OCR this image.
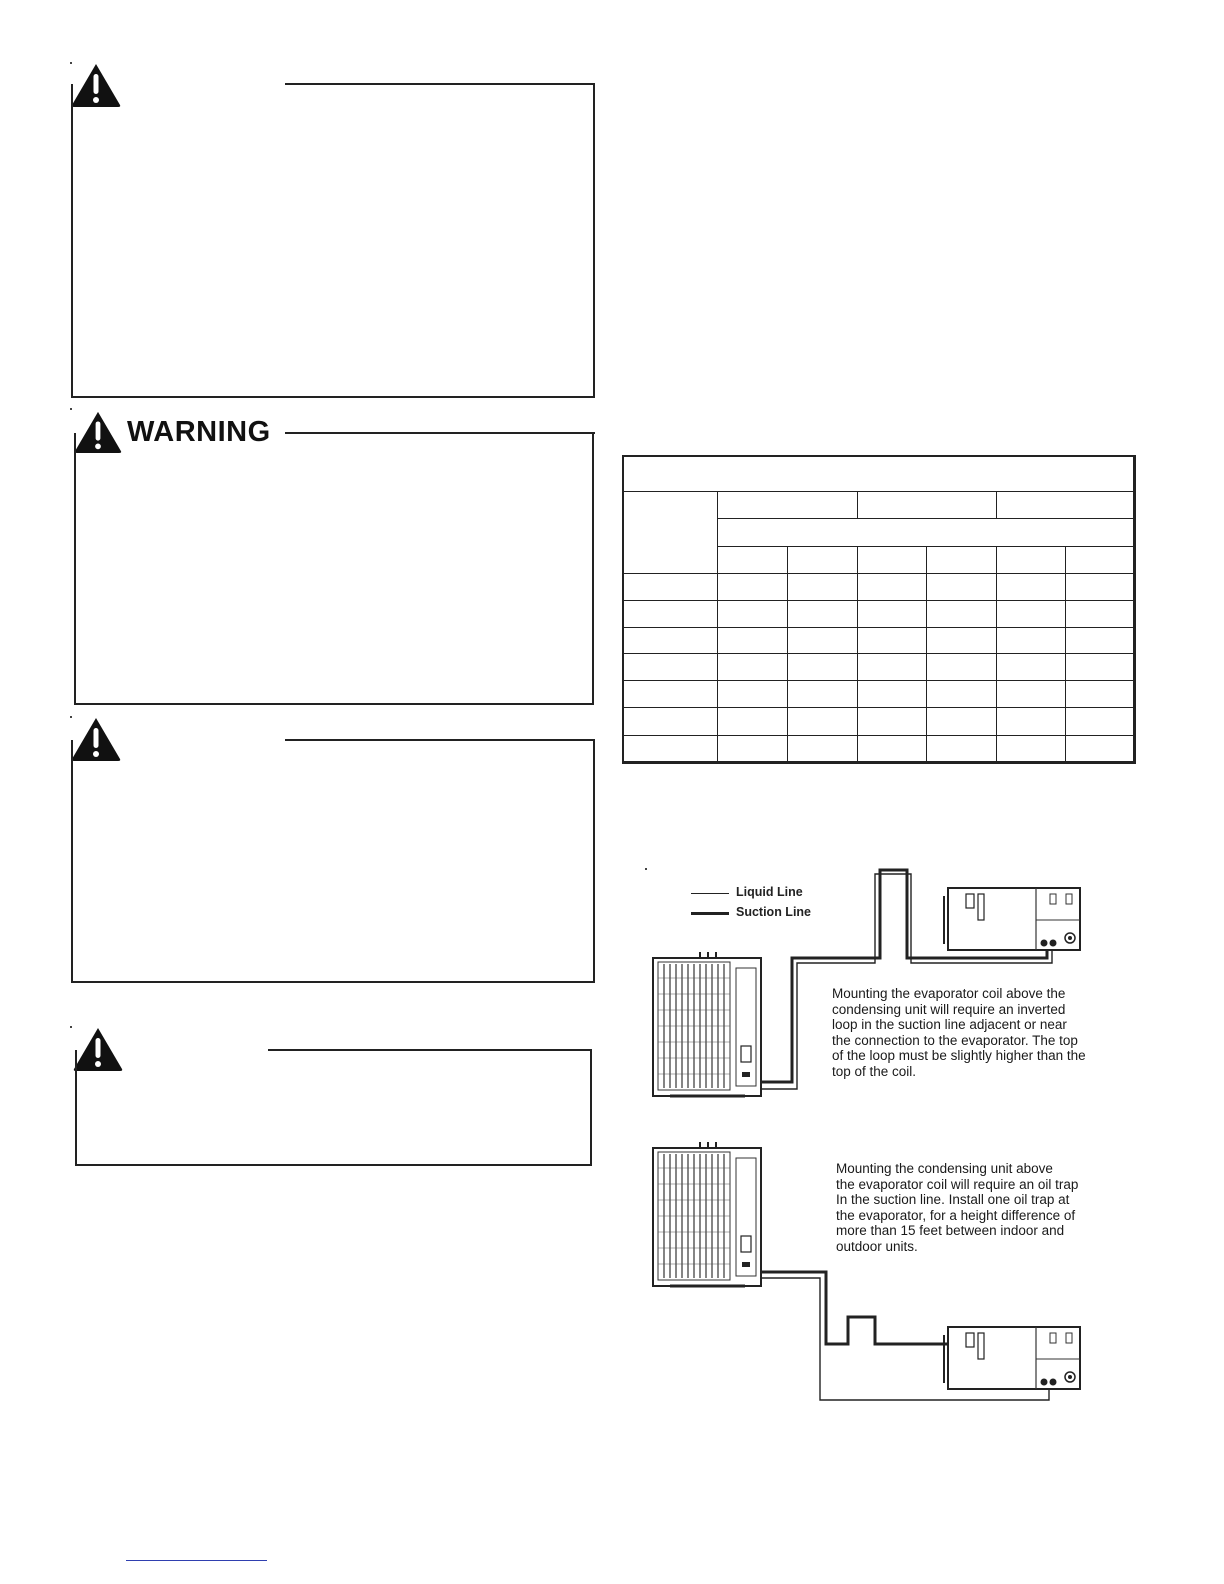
WARNING
Liquid Line
Suction Line
Mounting the evaporator coil above the
condensing unit will require an inverted
loop in the suction line adjacent or near
the connection to the evaporator. The top
of the loop must be slightly higher than the
top of the coil.
Mounting the condensing unit above
the evaporator coil will require an oil trap
In the suction line. Install one oil trap at
the evaporator, for a height difference of
more than 15 feet between indoor and
outdoor units.
